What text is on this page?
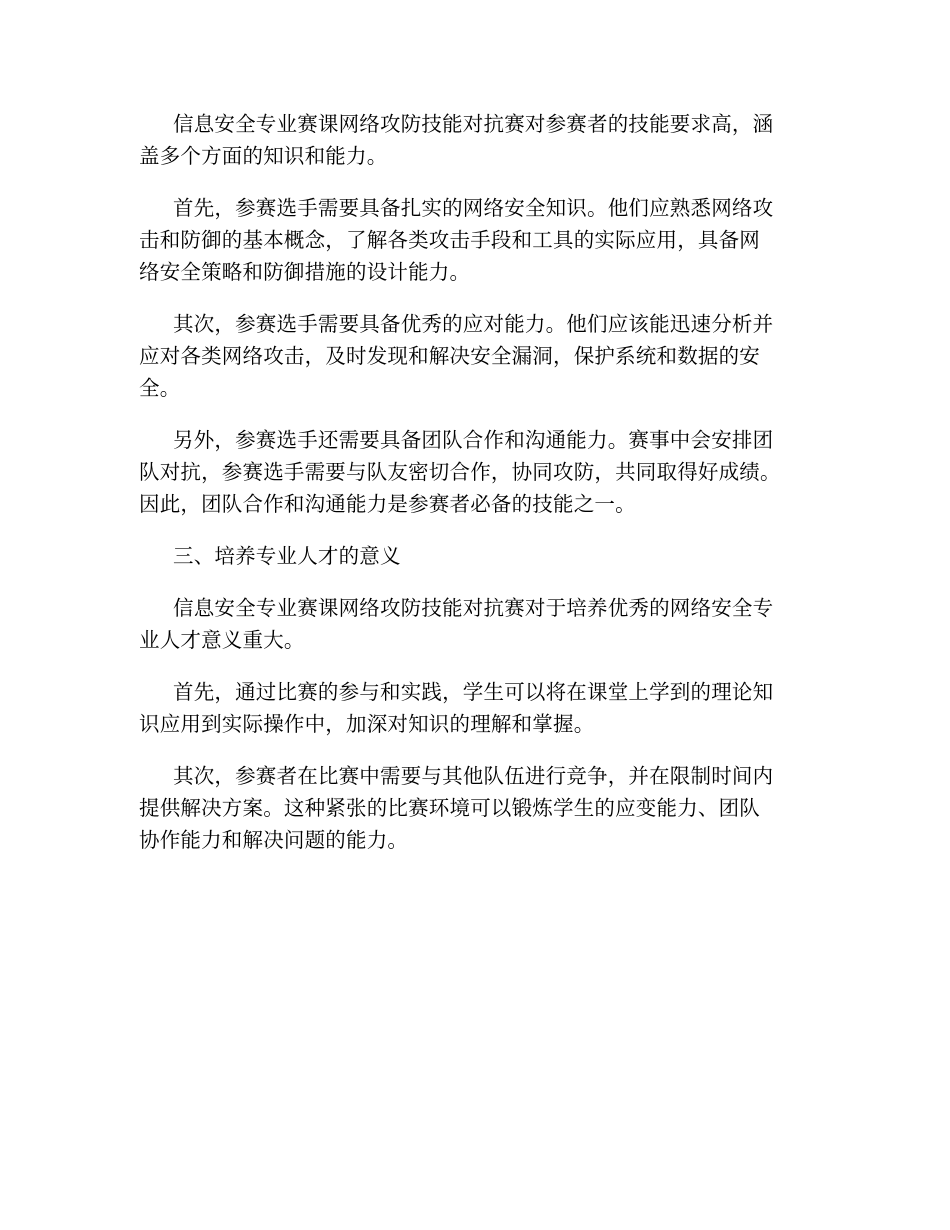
信息安全专业赛课网络攻防技能对抗赛对参赛者的技能要求高，涵
盖多个方面的知识和能力。
首先，参赛选手需要具备扎实的网络安全知识。他们应熟悉网络攻
击和防御的基本概念，了解各类攻击手段和工具的实际应用，具备网
络安全策略和防御措施的设计能力。
其次，参赛选手需要具备优秀的应对能力。他们应该能迅速分析并
应对各类网络攻击，及时发现和解决安全漏洞，保护系统和数据的安
全。
另外，参赛选手还需要具备团队合作和沟通能力。赛事中会安排团
队对抗，参赛选手需要与队友密切合作，协同攻防，共同取得好成绩。
因此，团队合作和沟通能力是参赛者必备的技能之一。
三、培养专业人才的意义
信息安全专业赛课网络攻防技能对抗赛对于培养优秀的网络安全专
业人才意义重大。
首先，通过比赛的参与和实践，学生可以将在课堂上学到的理论知
识应用到实际操作中，加深对知识的理解和掌握。
其次，参赛者在比赛中需要与其他队伍进行竞争，并在限制时间内
提供解决方案。这种紧张的比赛环境可以锻炼学生的应变能力、团队
协作能力和解决问题的能力。
